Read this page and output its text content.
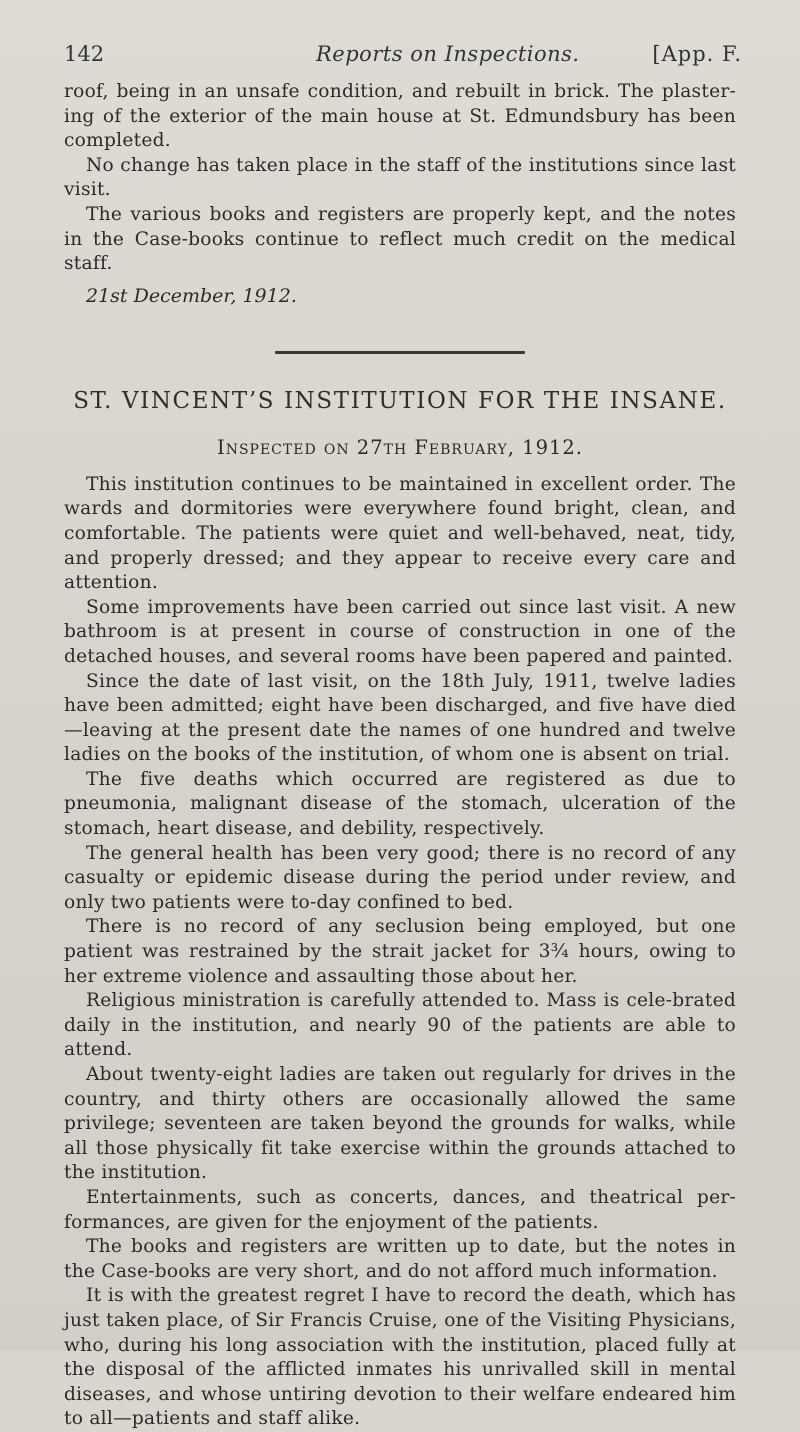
142	Reports on Inspections.	[App. F.

roof, being in an unsafe condition, and rebuilt in brick. The plaster-ing of the exterior of the main house at St. Edmundsbury has been completed.

No change has taken place in the staff of the institutions since last visit.

The various books and registers are properly kept, and the notes in the Case-books continue to reflect much credit on the medical staff.

21st December, 1912.
ST. VINCENT’S INSTITUTION FOR THE INSANE.
Inspected on 27th February, 1912.

This institution continues to be maintained in excellent order. The wards and dormitories were everywhere found bright, clean, and comfortable. The patients were quiet and well-behaved, neat, tidy, and properly dressed; and they appear to receive every care and attention.

Some improvements have been carried out since last visit. A new bathroom is at present in course of construction in one of the detached houses, and several rooms have been papered and painted.

Since the date of last visit, on the 18th July, 1911, twelve ladies have been admitted; eight have been discharged, and five have died—leaving at the present date the names of one hundred and twelve ladies on the books of the institution, of whom one is absent on trial.

The five deaths which occurred are registered as due to pneumonia, malignant disease of the stomach, ulceration of the stomach, heart disease, and debility, respectively.

The general health has been very good; there is no record of any casualty or epidemic disease during the period under review, and only two patients were to-day confined to bed.

There is no record of any seclusion being employed, but one patient was restrained by the strait jacket for 3¾ hours, owing to her extreme violence and assaulting those about her.

Religious ministration is carefully attended to. Mass is cele-brated daily in the institution, and nearly 90 of the patients are able to attend.

About twenty-eight ladies are taken out regularly for drives in the country, and thirty others are occasionally allowed the same privilege; seventeen are taken beyond the grounds for walks, while all those physically fit take exercise within the grounds attached to the institution.

Entertainments, such as concerts, dances, and theatrical per-formances, are given for the enjoyment of the patients.

The books and registers are written up to date, but the notes in the Case-books are very short, and do not afford much information.

It is with the greatest regret I have to record the death, which has just taken place, of Sir Francis Cruise, one of the Visiting Physicians, who, during his long association with the institution, placed fully at the disposal of the afflicted inmates his unrivalled skill in mental diseases, and whose untiring devotion to their welfare endeared him to all—patients and staff alike.
